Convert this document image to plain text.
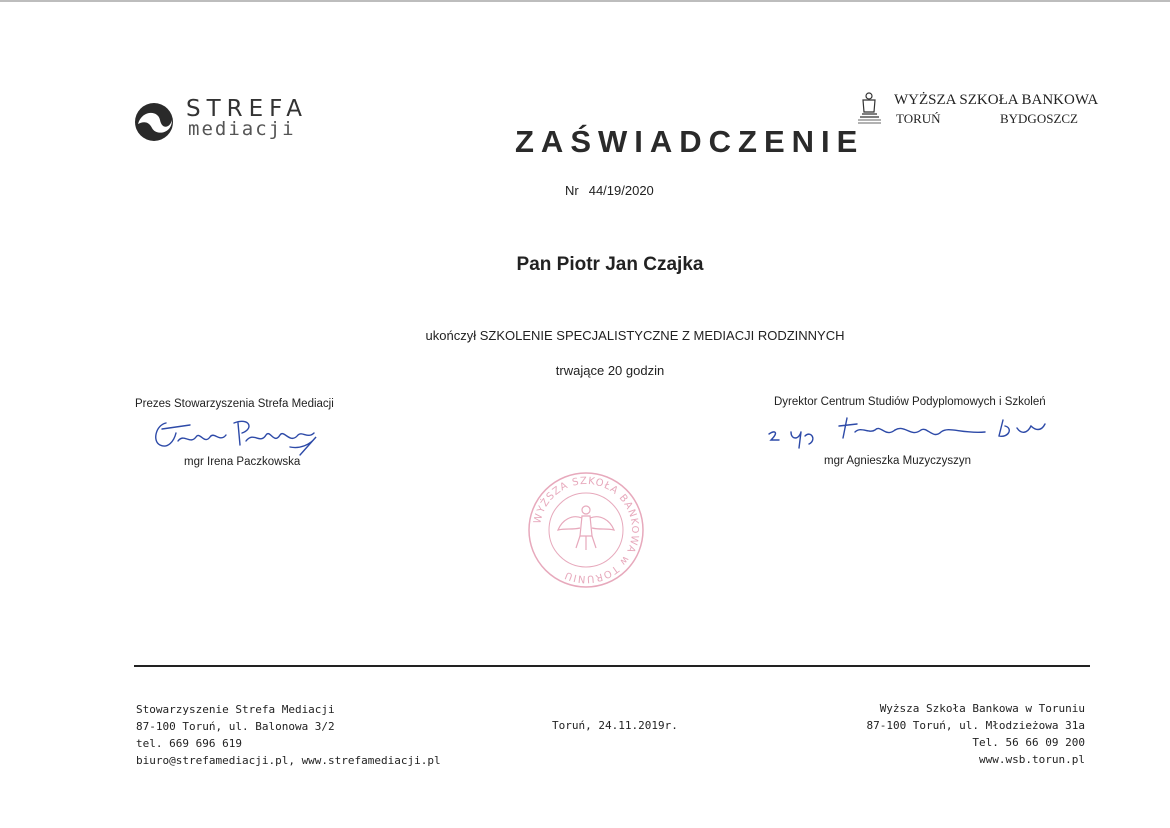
STREFA
mediacji
WYŻSZA SZKOŁA BANKOWA
TORUŃ	BYDGOSZCZ
ZAŚWIADCZENIE
Nr 44/19/2020
Pan Piotr Jan Czajka
ukończył SZKOLENIE SPECJALISTYCZNE Z MEDIACJI RODZINNYCH
trwające 20 godzin
Prezes Stowarzyszenia Strefa Mediacji
mgr Irena Paczkowska
Dyrektor Centrum Studiów Podyplomowych i Szkoleń
mgr Agnieszka Muzyczyszyn
WYŻSZA SZKOŁA BANKOWA w TORUNIU
Stowarzyszenie Strefa Mediacji
87-100 Toruń, ul. Balonowa 3/2
tel. 669 696 619
biuro@strefamediacji.pl, www.strefamediacji.pl
Toruń, 24.11.2019r.
Wyższa Szkoła Bankowa w Toruniu
87-100 Toruń, ul. Młodzieżowa 31a
Tel. 56 66 09 200
www.wsb.torun.pl
